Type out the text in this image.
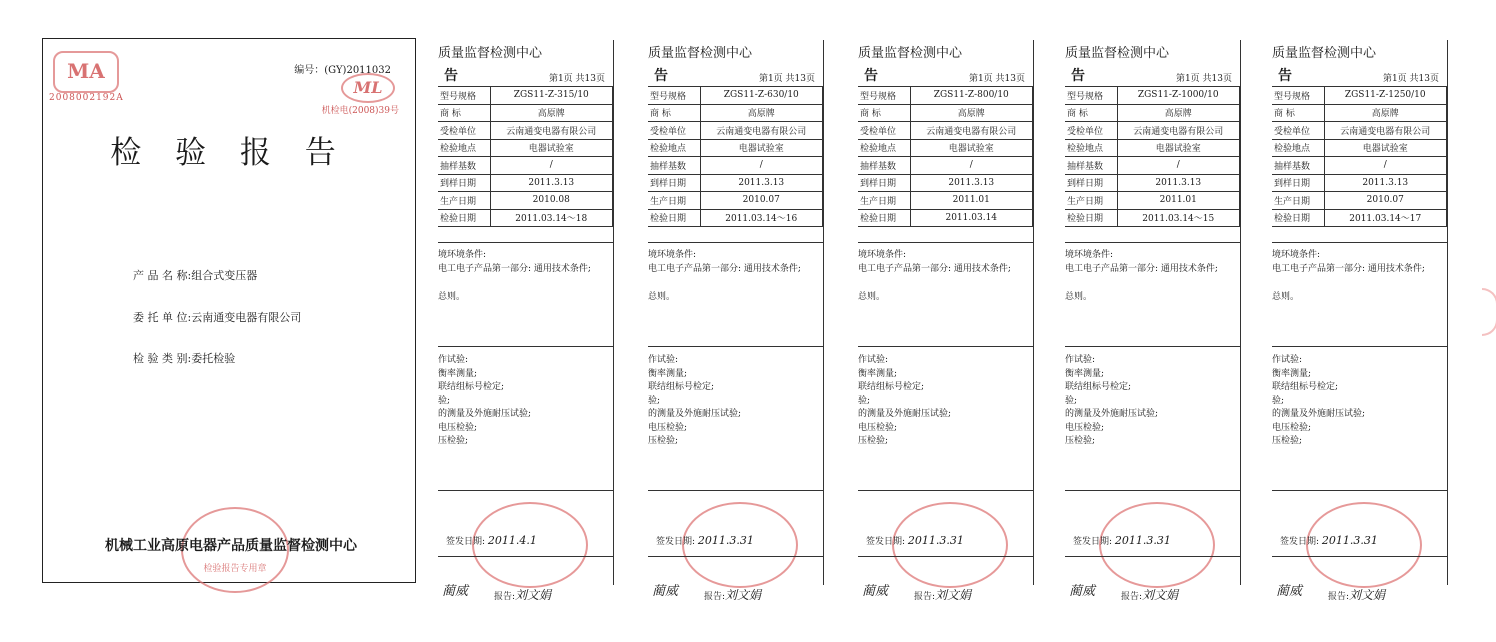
MA
2008002192A
编号：(GY)2011032
ML
机检电(2008)39号
检 验 报 告
产 品 名 称:组合式变压器
委 托 单 位:云南通变电器有限公司
检 验 类 别:委托检验
检验报告专用章
机械工业高原电器产品质量监督检测中心
质量监督检测中心
告	第1页 共13页
型号规格	ZGS11-Z-315/10
商 标	高原牌
受检单位	云南通变电器有限公司
检验地点	电器试验室
抽样基数	/
到样日期	2011.3.13
生产日期	2010.08
检验日期	2011.03.14～18
境环境条件:
电工电子产品第一部分: 通用技术条件;
总则。
作试验:
衡率测量;
联结组标号检定;
验;
的测量及外施耐压试验;
电压检验;
压检验;
签发日期: 2011.4.1
蔺威	报告:刘文娟
质量监督检测中心
告	第1页 共13页
型号规格	ZGS11-Z-630/10
商 标	高原牌
受检单位	云南通变电器有限公司
检验地点	电器试验室
抽样基数	/
到样日期	2011.3.13
生产日期	2010.07
检验日期	2011.03.14～16
境环境条件:
电工电子产品第一部分: 通用技术条件;
总则。
作试验:
衡率测量;
联结组标号检定;
验;
的测量及外施耐压试验;
电压检验;
压检验;
签发日期: 2011.3.31
蔺威	报告:刘文娟
质量监督检测中心
告	第1页 共13页
型号规格	ZGS11-Z-800/10
商 标	高原牌
受检单位	云南通变电器有限公司
检验地点	电器试验室
抽样基数	/
到样日期	2011.3.13
生产日期	2011.01
检验日期	2011.03.14
境环境条件:
电工电子产品第一部分: 通用技术条件;
总则。
作试验:
衡率测量;
联结组标号检定;
验;
的测量及外施耐压试验;
电压检验;
压检验;
签发日期: 2011.3.31
蔺威	报告:刘文娟
质量监督检测中心
告	第1页 共13页
型号规格	ZGS11-Z-1000/10
商 标	高原牌
受检单位	云南通变电器有限公司
检验地点	电器试验室
抽样基数	/
到样日期	2011.3.13
生产日期	2011.01
检验日期	2011.03.14～15
境环境条件:
电工电子产品第一部分: 通用技术条件;
总则。
作试验:
衡率测量;
联结组标号检定;
验;
的测量及外施耐压试验;
电压检验;
压检验;
签发日期: 2011.3.31
蔺威	报告:刘文娟
质量监督检测中心
告	第1页 共13页
型号规格	ZGS11-Z-1250/10
商 标	高原牌
受检单位	云南通变电器有限公司
检验地点	电器试验室
抽样基数	/
到样日期	2011.3.13
生产日期	2010.07
检验日期	2011.03.14～17
境环境条件:
电工电子产品第一部分: 通用技术条件;
总则。
作试验:
衡率测量;
联结组标号检定;
验;
的测量及外施耐压试验;
电压检验;
压检验;
签发日期: 2011.3.31
蔺威	报告:刘文娟
